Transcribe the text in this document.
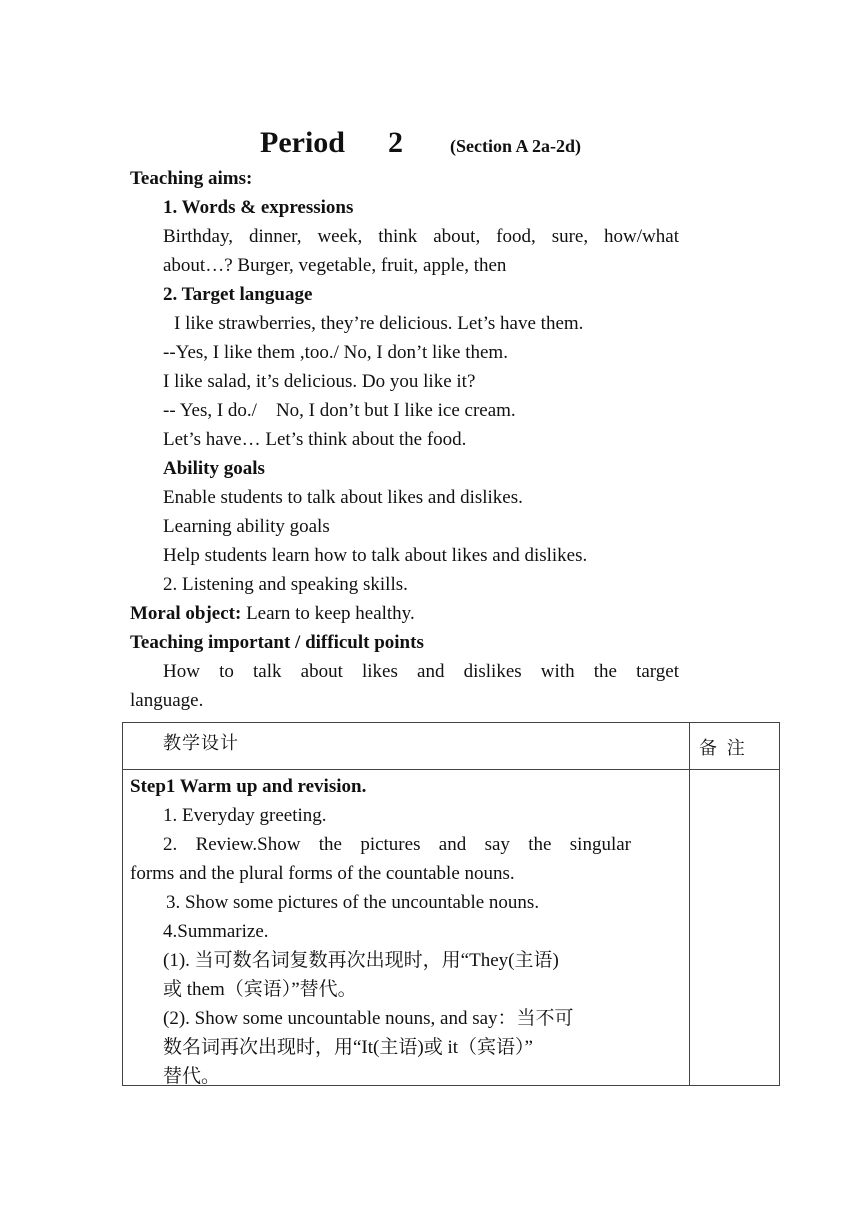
Period 2	(Section A 2a-2d)
Teaching aims:
1. Words & expressions
Birthday, dinner, week, think about, food, sure, how/what
about…? Burger, vegetable, fruit, apple, then
2. Target language
I like strawberries, they’re delicious. Let’s have them.
--Yes, I like them ,too./ No, I don’t like them.
I like salad, it’s delicious. Do you like it?
-- Yes, I do./    No, I don’t but I like ice cream.
Let’s have… Let’s think about the food.
Ability goals
Enable students to talk about likes and dislikes.
Learning ability goals
Help students learn how to talk about likes and dislikes.
2. Listening and speaking skills.
Moral object: Learn to keep healthy.
Teaching important / difficult points
How to talk about likes and dislikes with the target
language.
教学设计	备 注
Step1 Warm up and revision.
1. Everyday greeting.
2. Review.Show the pictures and say the singular
forms and the plural forms of the countable nouns.
3. Show some pictures of the uncountable nouns.
4.Summarize.
(1). 当可数名词复数再次出现时，用“They(主语)
或 them（宾语）”替代。
(2). Show some uncountable nouns, and say：当不可
数名词再次出现时，用“It(主语)或 it（宾语）”
替代。
